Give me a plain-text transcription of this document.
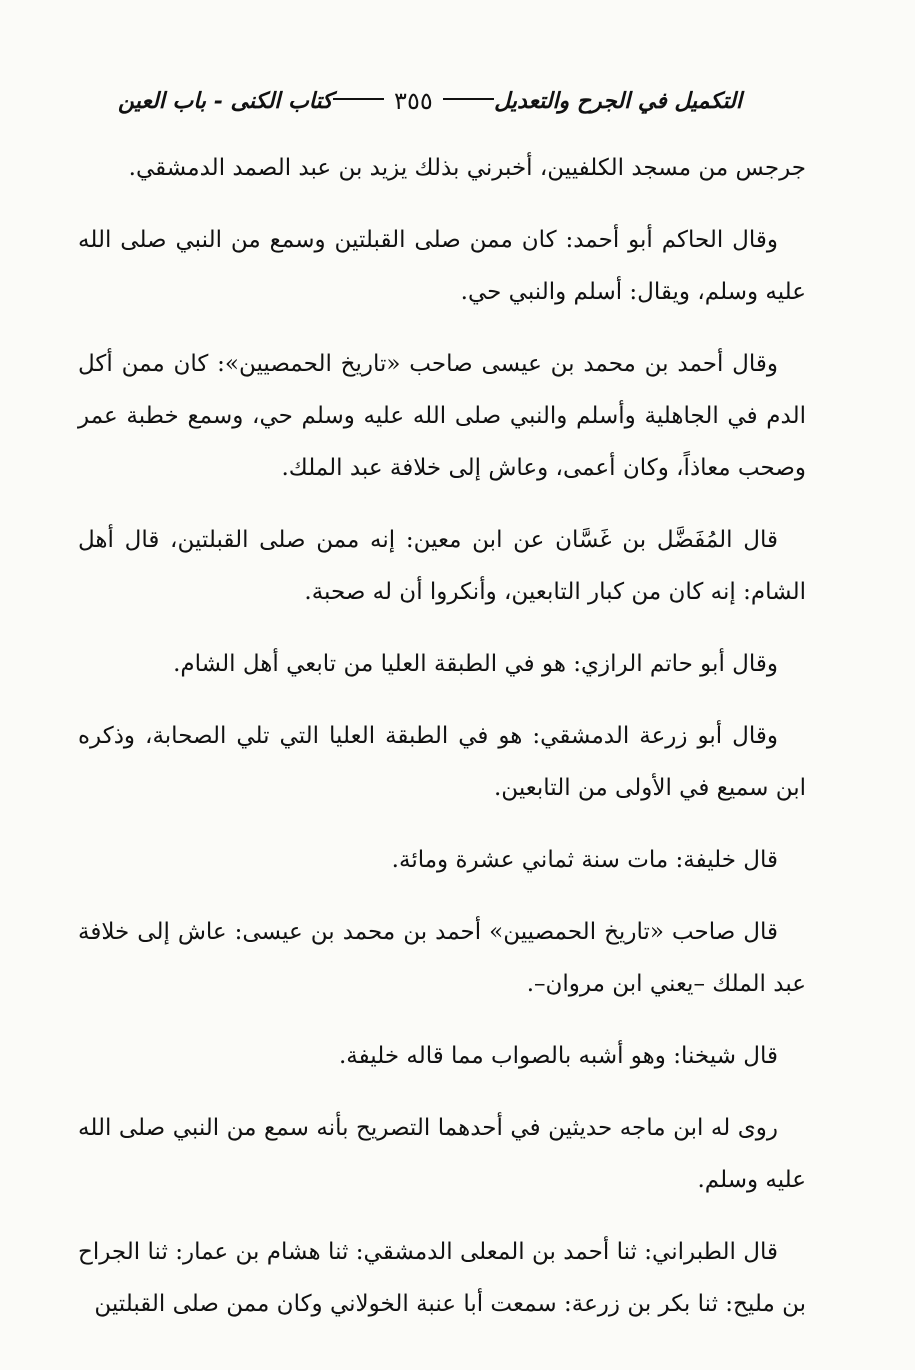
التكميل في الجرح والتعديل
٣٥٥
كتاب الكنى - باب العين

جرجس من مسجد الكلفيين، أخبرني بذلك يزيد بن عبد الصمد الدمشقي.

وقال الحاكم أبو أحمد: كان ممن صلى القبلتين وسمع من النبي صلى الله عليه وسلم، ويقال: أسلم والنبي حي.

وقال أحمد بن محمد بن عيسى صاحب «تاريخ الحمصيين»: كان ممن أكل الدم في الجاهلية وأسلم والنبي صلى الله عليه وسلم حي، وسمع خطبة عمر وصحب معاذاً، وكان أعمى، وعاش إلى خلافة عبد الملك.

قال المُفَضَّل بن غَسَّان عن ابن معين: إنه ممن صلى القبلتين، قال أهل الشام: إنه كان من كبار التابعين، وأنكروا أن له صحبة.

وقال أبو حاتم الرازي: هو في الطبقة العليا من تابعي أهل الشام.

وقال أبو زرعة الدمشقي: هو في الطبقة العليا التي تلي الصحابة، وذكره ابن سميع في الأولى من التابعين.

قال خليفة: مات سنة ثماني عشرة ومائة.

قال صاحب «تاريخ الحمصيين» أحمد بن محمد بن عيسى: عاش إلى خلافة عبد الملك –يعني ابن مروان–.

قال شيخنا: وهو أشبه بالصواب مما قاله خليفة.

روى له ابن ماجه حديثين في أحدهما التصريح بأنه سمع من النبي صلى الله عليه وسلم.

قال الطبراني: ثنا أحمد بن المعلى الدمشقي: ثنا هشام بن عمار: ثنا الجراح بن مليح: ثنا بكر بن زرعة: سمعت أبا عنبة الخولاني وكان ممن صلى القبلتين
